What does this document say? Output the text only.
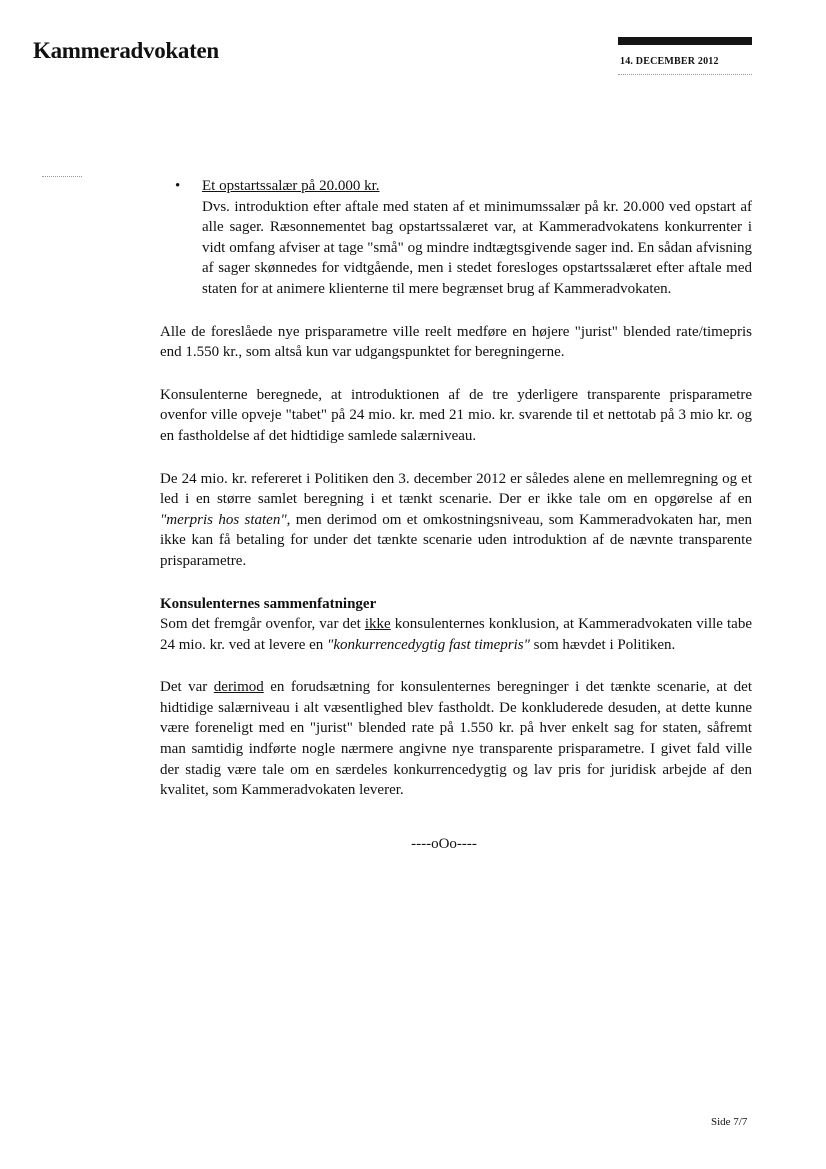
Kammeradvokaten	14. DECEMBER 2012
• Et opstartssalær på 20.000 kr.
Dvs. introduktion efter aftale med staten af et minimumssalær på kr. 20.000 ved opstart af alle sager. Ræsonnementet bag opstartssalæret var, at Kammeradvokatens konkurrenter i vidt omfang afviser at tage "små" og mindre indtægtsgivende sager ind. En sådan afvisning af sager skønnedes for vidtgående, men i stedet foresloges opstartssalæret efter aftale med staten for at animere klienterne til mere begrænset brug af Kammeradvokaten.

Alle de foreslåede nye prisparametre ville reelt medføre en højere "jurist" blended rate/timepris end 1.550 kr., som altså kun var udgangspunktet for beregningerne.

Konsulenterne beregnede, at introduktionen af de tre yderligere transparente prisparametre ovenfor ville opveje "tabet" på 24 mio. kr. med 21 mio. kr. svarende til et nettotab på 3 mio kr. og en fastholdelse af det hidtidige samlede salærniveau.

De 24 mio. kr. refereret i Politiken den 3. december 2012 er således alene en mellemregning og et led i en større samlet beregning i et tænkt scenarie. Der er ikke tale om en opgørelse af en "merpris hos staten", men derimod om et omkostningsniveau, som Kammeradvokaten har, men ikke kan få betaling for under det tænkte scenarie uden introduktion af de nævnte transparente prisparametre.

Konsulenternes sammenfatninger
Som det fremgår ovenfor, var det ikke konsulenternes konklusion, at Kammeradvokaten ville tabe 24 mio. kr. ved at levere en "konkurrencedygtig fast timepris" som hævdet i Politiken.

Det var derimod en forudsætning for konsulenternes beregninger i det tænkte scenarie, at det hidtidige salærniveau i alt væsentlighed blev fastholdt. De konkluderede desuden, at dette kunne være foreneligt med en "jurist" blended rate på 1.550 kr. på hver enkelt sag for staten, såfremt man samtidig indførte nogle nærmere angivne nye transparente prisparametre. I givet fald ville der stadig være tale om en særdeles konkurrencedygtig og lav pris for juridisk arbejde af den kvalitet, som Kammeradvokaten leverer.

----oOo----

Side 7/7
